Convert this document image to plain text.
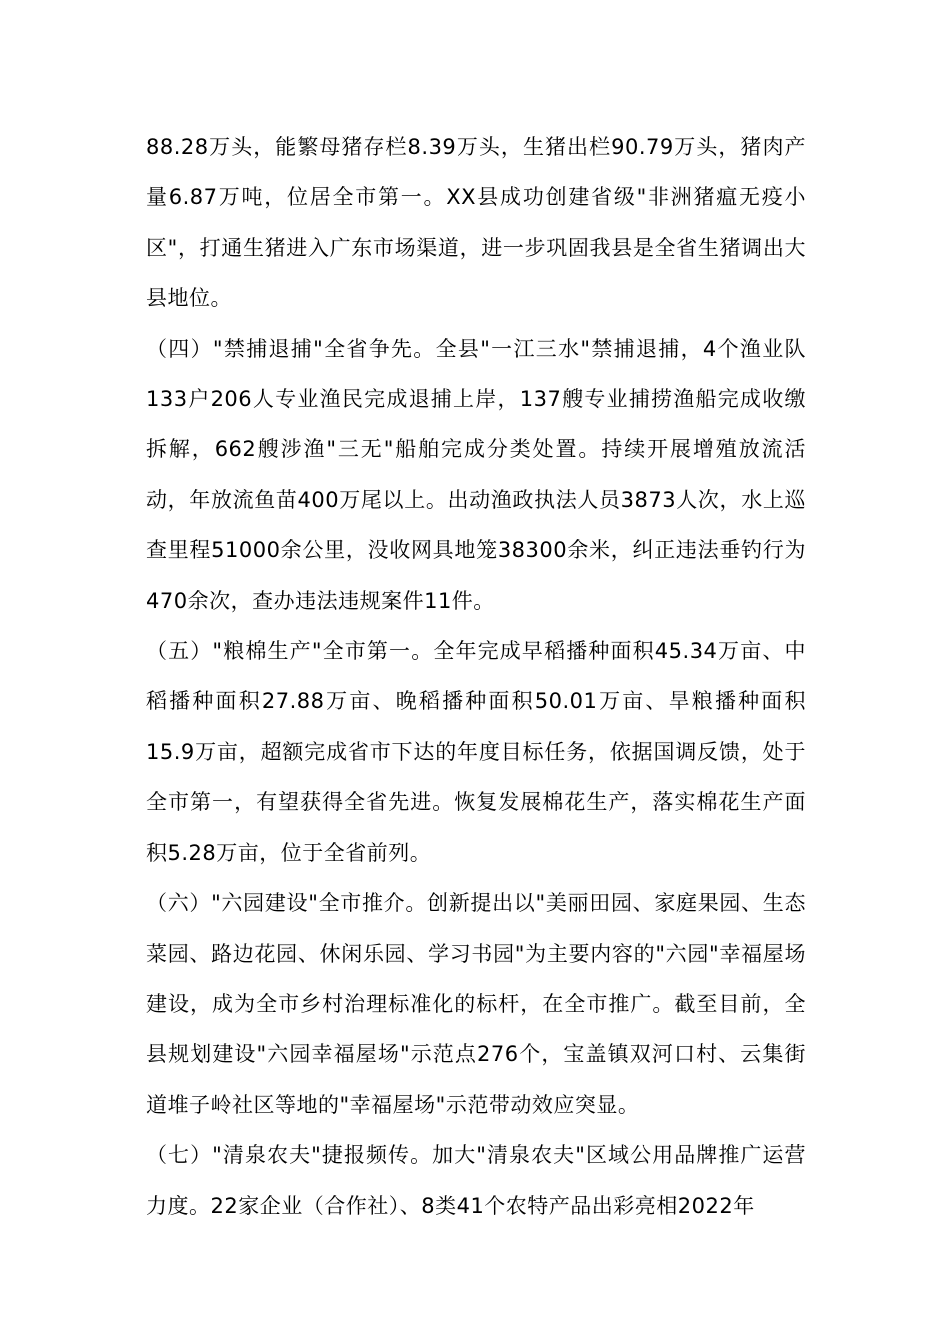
88.28万头，能繁母猪存栏8.39万头，生猪出栏90.79万头，猪肉产量6.87万吨，位居全市第一。XX县成功创建省级"非洲猪瘟无疫小区"，打通生猪进入广东市场渠道，进一步巩固我县是全省生猪调出大县地位。

（四）"禁捕退捕"全省争先。全县"一江三水"禁捕退捕，4个渔业队133户206人专业渔民完成退捕上岸，137艘专业捕捞渔船完成收缴拆解，662艘涉渔"三无"船舶完成分类处置。持续开展增殖放流活动，年放流鱼苗400万尾以上。出动渔政执法人员3873人次，水上巡查里程51000余公里，没收网具地笼38300余米，纠正违法垂钓行为470余次，查办违法违规案件11件。

（五）"粮棉生产"全市第一。全年完成早稻播种面积45.34万亩、中稻播种面积27.88万亩、晚稻播种面积50.01万亩、旱粮播种面积15.9万亩，超额完成省市下达的年度目标任务，依据国调反馈，处于全市第一，有望获得全省先进。恢复发展棉花生产，落实棉花生产面积5.28万亩，位于全省前列。

（六）"六园建设"全市推介。创新提出以"美丽田园、家庭果园、生态菜园、路边花园、休闲乐园、学习书园"为主要内容的"六园"幸福屋场建设，成为全市乡村治理标准化的标杆，在全市推广。截至目前，全县规划建设"六园幸福屋场"示范点276个，宝盖镇双河口村、云集街道堆子岭社区等地的"幸福屋场"示范带动效应突显。

（七）"清泉农夫"捷报频传。加大"清泉农夫"区域公用品牌推广运营力度。22家企业（合作社）、8类41个农特产品出彩亮相2022年
